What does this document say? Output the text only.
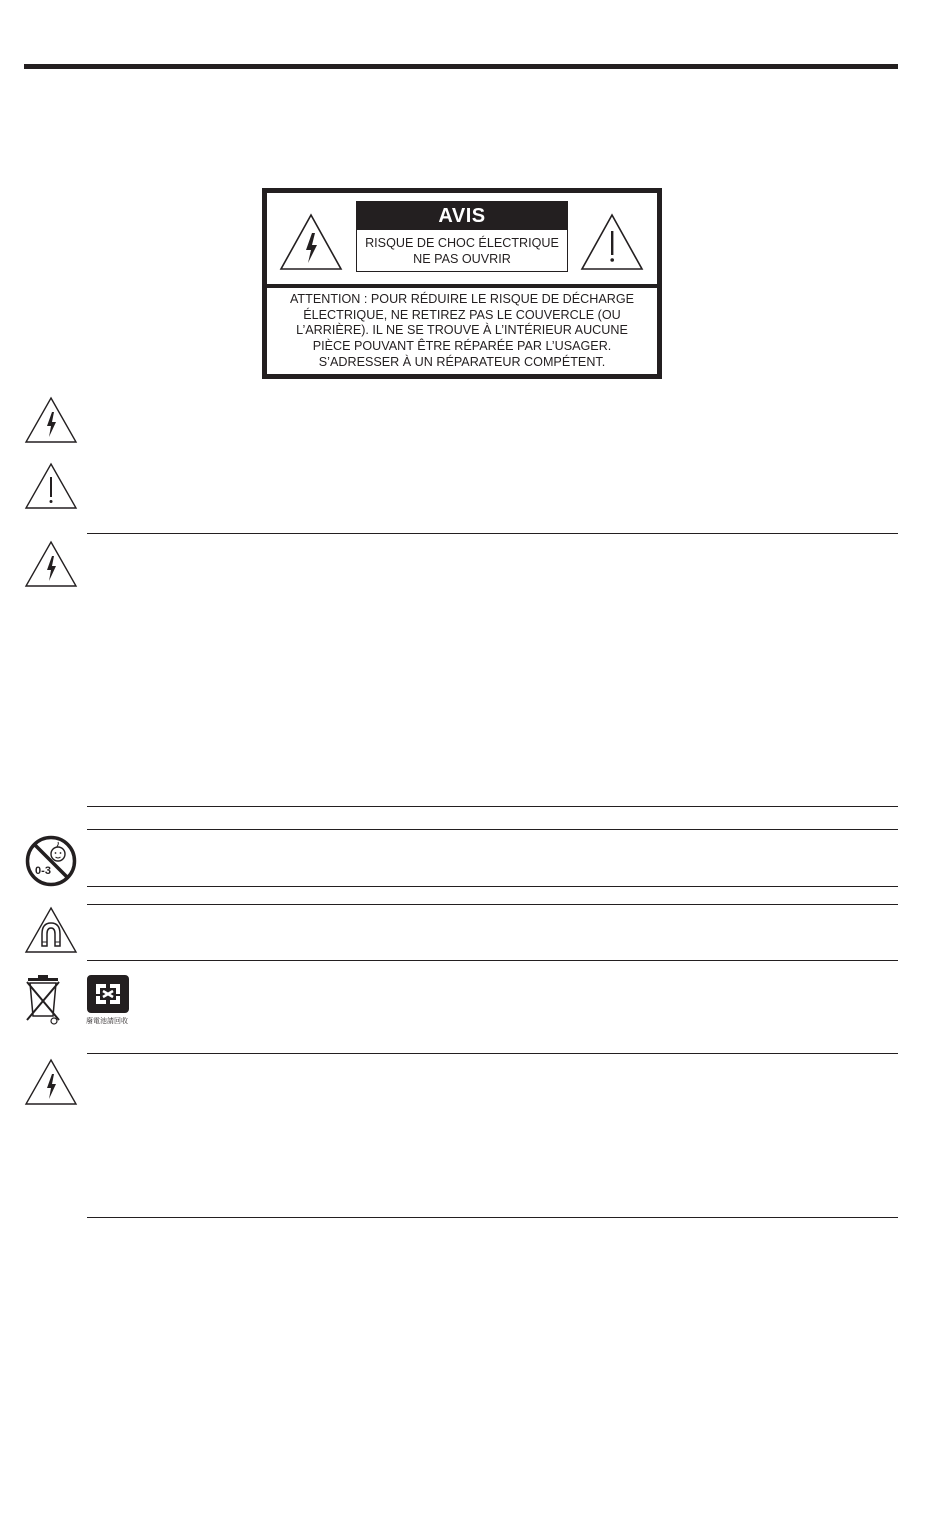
AVIS
RISQUE DE CHOC ÉLECTRIQUE
NE PAS OUVRIR
ATTENTION : POUR RÉDUIRE LE RISQUE DE DÉCHARGE
ÉLECTRIQUE, NE RETIREZ PAS LE COUVERCLE (OU
L’ARRIÈRE). IL NE SE TROUVE À L’INTÉRIEUR AUCUNE
PIÈCE POUVANT ÊTRE RÉPARÉE PAR L’USAGER.
S’ADRESSER À UN RÉPARATEUR COMPÉTENT.
0-3
廢電池請回收
